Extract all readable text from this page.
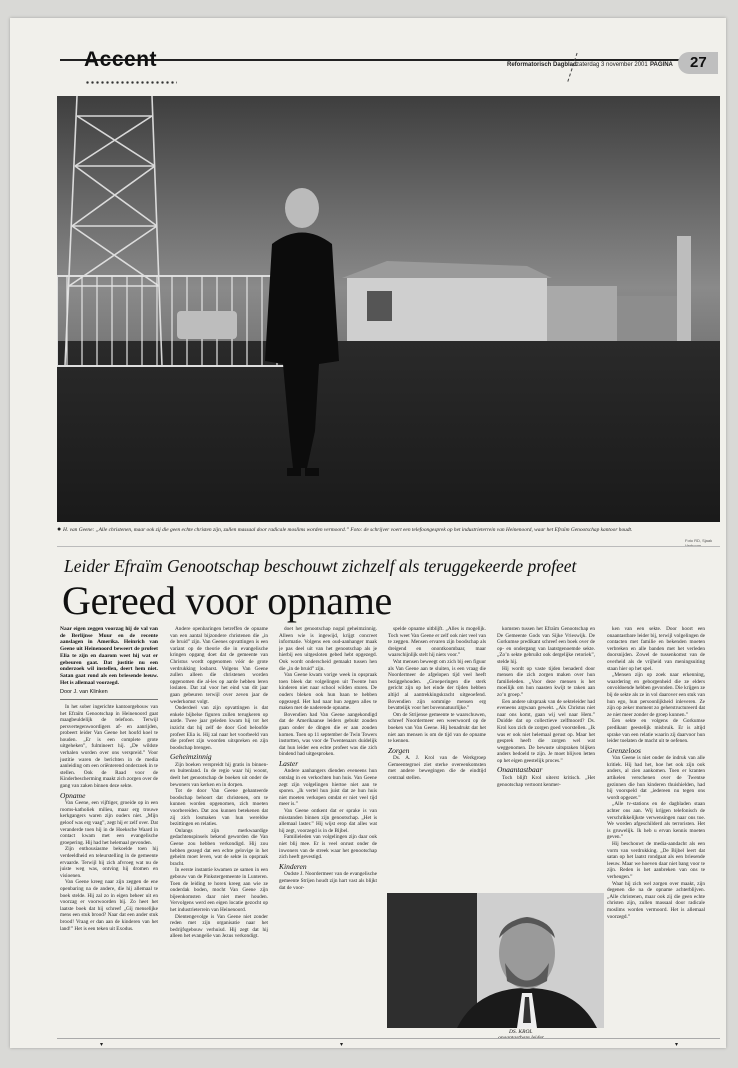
Accent	Reformatorisch Dagblad zaterdag 3 november 2001 PAGINA 27
● H. van Geene: „Alle christenen, maar ook zij die geen echte christen zijn, zullen massaal door radicale moslims worden vermoord.” Foto: de schrijver voert een telefoongesprek op het industrieterrein van Heinenoord, waar het Efraïm Genootschap kantoor houdt.
Foto RD, Sjaak
Leider Efraïm Genootschap beschouwt zichzelf als teruggekeerde profeet
Gereed voor opname
Naar eigen zeggen voorzag hij de val van de Berlijnse Muur en de recente aanslagen in Amerika. Heinrich van Geene uit Heinenoord beweert de profeet Elia te zijn en daarom weet hij wat er gebeuren gaat. Dat justitie nu een onderzoek wil instellen, deert hem niet. Satan gaat rond als een briesende leeuw. Het is allemaal voorzegd.
Door J. van Klinken

In het sober ingerichte kantoorgebouw van het Efraïm Genootschap in Heinenoord gaat maagbeuldelijk de telefoon. Terwijl persvertegenwoordigers af- en aanrijden, probeert leider Van Geene het hoofd koel te houden. „Er is een complete grote uitgeheken”, fulmineert hij. „De wildste verhalen worden over ons verspreid.” Voor justitie waren de berichten in de media aanleiding om een oriënterend onderzoek in te stellen. Ook de Raad voor de Kinderbescherming maakt zich zorgen over de gang van zaken binnen deze sekte.

Opname

Van Geene, een vijftiger, groeide op in een rooms-katholiek milieu, maar erg trouwe kerkgangers waren zijn ouders niet. „Mijn geloof was erg vaag”, zegt hij er zelf over. Dat veranderde toen hij in de Hoeksche Waard in contact kwam met een evangelische groepering. Hij had het helemaal gevonden.

Zijn enthousiasme bekoelde toen hij verdeeldheid en teleurstelling in de gemeente ervaarde. Terwijl hij zich afvroeg wat nu de juiste weg was, ontving hij dromen en visioenen.

Van Geene kreeg naar zijn zeggen de ene openbaring na de andere, die hij allemaal te boek stelde. Hij zal zo in eigen beheer uit en voorzag er voorwoorden bij. Zo heet het laatste boek dat hij schreef „Gij menselijke mens een stuk brood? Naar dat een ander stuk brood! Vraag er dan aan de kinderen van het land!” Het is een teken uit Exodus.

Andere openbaringen betreffen de opname van een aantal bijzondere christenen die „in de bruid” zijn. Van Geenes opvattingen is een variant op de theorie die in evangelische kringen opgang doet dat de gemeente van Christus wordt opgenomen vóór de grote verdrukking losbarst. Volgens Van Geene zullen alleen die christenen worden opgenomen die al-les op aarde hebben leren loslaten. Dat zal voor het eind van dit jaar gaan gebeuren terwijl over zeven jaar de wederkomst volgt.

Onderdeel van zijn opvattingen is dat enkele bijbelse figuren zullen terugkeren op aarde. Twee jaar geleden kwam hij tot het inzicht dat hij zelf de door God beloofde profeet Elia is. Hij zal naar het voorbeeld van die profeet zijn woorden uitspreken en zijn boodschap brengen.

Geheimzinnig

Zijn boeken verspreidt hij gratis in binnen- en buitenland. In de regio waar hij woont, deelt het genootschap de boeken uit onder de bewoners van kerken en in dorpen.

Tot de door Van Geene gehanteerde boodschap behoort dat christenen, om te kunnen worden opgenomen, zich moeten voorbereiden. Dat zou kunnen betekenen dat zij zich losmaken van hun wereldse bezittingen en relaties.

Onlangs zijn merkwaardige gedachtenspinsels bekend geworden die Van Geene zou hebben verkondigd. Hij zou hebben gezegd dat een echte gelovige in het geheim moet leven, wat de sekte in opspraak bracht.

In eerste instantie kwamen ze samen in een gebouw van de Pinkstergemeente in Lunteren. Toen de leiding te horen kreeg aan wie ze onderdak boden, mocht Van Geene zijn bijeenkomsten daar niet meer houden. Vervolgens werd een eigen locatie gezocht op het industrieterrein van Heinenoord.

Dientengevolge is Van Geene niet zonder reden met zijn organisatie naar het bedrijfsgebouw verhuisd. Hij zegt dat hij alleen het evangelie van Jezus verkondigt.

doet het genootschap nogal geheimzinnig. Alleen wie is ingewijd, krijgt concreet informatie. Volgens een oud-aanhanger maak je pas deel uit van het genootschap als je hierbij een uitgesloten gebed hebt opgezegd. Ook wordt onderscheid gemaakt tussen hen die „in de bruid” zijn.

Van Geene kwam vorige week in opspraak toen bleek dat volgelingen uit Twente hun kinderen niet naar school wilden sturen. De ouders bleken ook hun baan te hebben opgezegd. Het had naar hun zeggen alles te maken met de naderende opname.

Bovendien had Van Geene aangekondigd dat de Amerikaanse leiders gebukt zouden gaan onder de dingen die er aan zouden komen. Toen op 11 september de Twin Towers instortten, was voor de Twentenaars duidelijk dat hun leider een echte profeet was die zich bindend had uitgesproken.

Laster

Andere aanhangers dienden eveneens hun ontslag in en verkochten hun huis. Van Geene zegt zijn volgelingen hiertoe niet aan te sporen. „Ik vertel hun juist dat ze hun huis niet moeten verkopen omdat er niet veel tijd meer is.”

Van Geene ontkent dat er sprake is van misstanden binnen zijn genootschap. „Het is allemaal laster.” Hij wijst erop dat alles wat hij zegt, voorzegd is in de Bijbel.

Familieleden van volgelingen zijn daar ook niet blij mee. Er is veel onrust onder de inwoners van de streek waar het genootschap zich heeft gevestigd.

Kinderen

Oudste J. Noordermeer van de evangelische gemeente Strijen houdt zijn hart vast als blijkt dat de voor-

spelde opname uitblijft. „Alles is mogelijk. Toch weet Van Geene er zelf ook niet veel van te zeggen. Mensen ervaren zijn boodschap als dreigend en onontkoombaar, maar waarschijnlijk stelt hij niets voor.”

Wat mensen beweegt om zich bij een figuur als Van Geene aan te sluiten, is een vraag die Noordermeer de afgelopen tijd veel heeft beziggehouden. „Groeperingen die sterk gericht zijn op het einde der tijden hebben altijd al aantrekkingskracht uitgeoefend. Bovendien zijn sommige mensen erg bevattelijk voor het bovennatuurlijke.”

Om de Strijense gemeente te waarschuwen, schreef Noordermeer een weerwoord op de boeken van Van Geene. Hij benadrukt dat het niet aan mensen is om de tijd van de opname te kennen.

Zorgen

Ds. A. J. Krol van de Werkgroep Gemeentegroei ziet sterke overeenkomsten met andere bewegingen die de eindtijd centraal stellen.

komsten tussen het Efraïm Genootschap en De Gemeente Gods van Sijke Vrieswijk. De Gorkumse predikant schreef een boek over de op- en ondergang van laatstgenoemde sekte. „Zo’n sekte gebruikt ook dergelijke retoriek”, stelde hij.

Hij wordt op vaste tijden benaderd door mensen die zich zorgen maken over hun familieleden. „Voor deze mensen is het moeilijk om hun naasten kwijt te raken aan zo’n groep.”

Een andere uitspraak van de sekteleider had eveneens argwaan gewekt. „Als Christus niet naar ons komt, gaan wij wel naar Hem.” Duidde dat op collectieve zelfmoord? Ds. Krol kon zich de zorgen goed voorstellen. „Ik was er ook niet helemaal gerust op. Maar het gesprek heeft die zorgen wel wat weggenomen. De bewuste uitspraken blijken anders bedoeld te zijn. Je moet blijven letten op het eigen geestelijk proces.”

Onaantastbaar

Toch blijft Krol uiterst kritisch. „Het genootschap vertoont kenmer-

ken van een sekte. Door hoort een onaantastbare leider bij, terwijl volgelingen de contacten met familie en bekenden moeten verbreken en alle banden met het verleden doorsnijden. Zowel de tussenkomst van de overheid als de vrijheid van meningsuiting staan hier op het spel.

„Mensen zijn op zoek naar erkenning, waardering en geborgenheid die ze elders onvoldoende hebben gevonden. Die krijgen ze bij de sekte als ze in vol daarover een stuk van hun ego, hun persoonlijkheid inleveren. Ze zijn op zeker moment zo geherstructureerd dat ze niet meer zonder de groep kunnen.”

Een sekte en volgens de Gorkumse predikant geestelijk misbruik. Er is altijd sprake van een relatie waarin zij daarvoor hun leider toelaten de macht uit te oefenen.

Grenzeloos

Van Geene is niet onder de indruk van alle kritiek. Hij had het, hoe het ook zijn ook anders, al zien aankomen. Toen er kranten artikelen verschenen over de Twentse gezinnen die hun kinderen thuishielden, had hij voorspeld dat „iedereen nu tegen ons wordt opgezet.”

„Alle tv-stations en de dagbladen staan achter ons aan. Wij krijgen telefonisch de verschrikkelijkste verwensingen naar ons toe. We worden afgeschilderd als terroristen. Het is gruwelijk. Ik heb u ervan kennis moeten geven.”

Hij beschouwt de media-aandacht als een vorm van verdrukking. „De Bijbel leert dat satan op het laatst rondgaat als een briesende leeuw. Maar we hoeven daar niet bang voor te zijn. Reden is het aanbreken van ons te verheugen.”

Waar hij zich wel zorgen over maakt, zijn degenen die na de opname achterblijven. „Alle christenen, maar ook zij die geen echte christen zijn, zullen massaal door radicale moslims worden vermoord. Het is allemaal voorzegd.”

DS. KROL
▾	▾	▾
